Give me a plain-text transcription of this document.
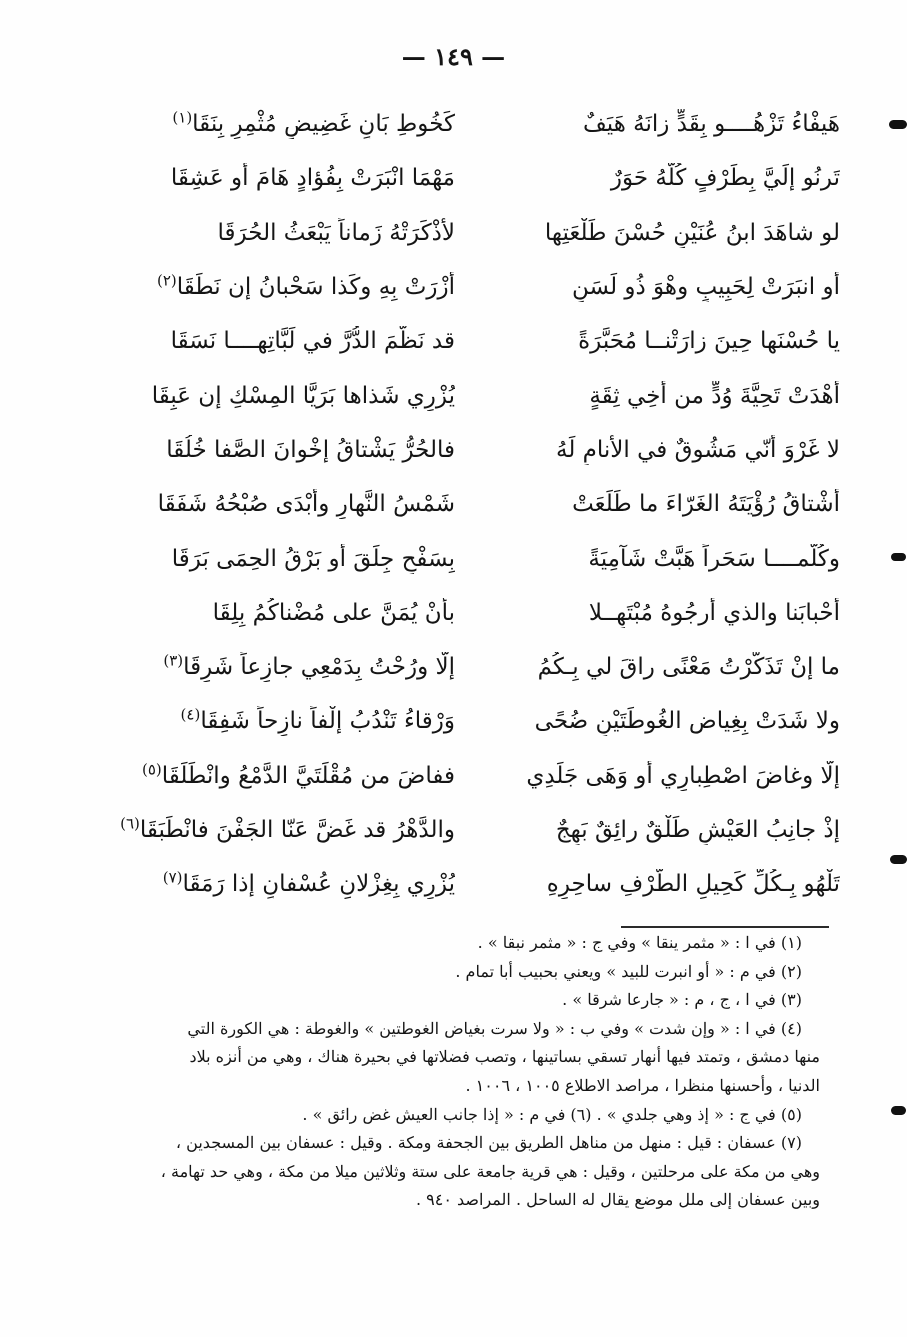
— ١٤٩ —
هَيفْاءُ تَزْهُــــو بِقَدٍّ زانَهُ هَيَفٌ
كَخُوطِ بَانٍ غَضِيضٍ مُثْمِرٍ بِنَقَا$^{(١)}$
تَرنُو إلَيَّ بِطَرْفٍ كُلُّهُ حَوَرٌ
مَهْمَا انْبَرَتْ بِفُؤادٍ هَامَ أو عَشِقَا
لو شاهَدَ ابنُ عُنَيْنٍ حُسْنَ طَلْعَتِها
لأذْكَرَتْهُ زَماناً يَبْعَثُ الحُرَقَا
أو انبَرَتْ لِحَبِيبٍ وهْوَ ذُو لَسَنٍ
أزْرَتْ بِهِ وكَذا سَحْبانُ إن نَطَقَا$^{(٢)}$
يا حُسْنَها حِينَ زارَتْنــا مُحَبَّرَةً
قد نَظَّمَ الدُّرَّ في لَبَّاتِهــــا نَسَقَا
أهْدَتْ تَحِيَّةَ وُدٍّ من أخِي ثِقَةٍ
يُزْرِي شَذاها بَرَيَّا المِسْكِ إن عَبِقَا
لا غَرْوَ أنّي مَشُوقٌ في الأنامِ لَهُ
فالحُرُّ يَشْتاقُ إخْوانَ الصَّفا خُلُقَا
أشْتاقُ رُؤْيَتَهُ الغَرّاءَ ما طَلَعَتْ
شَمْسُ النَّهارِ وأبْدَى صُبْحُهُ شَفَقَا
وكُلَّمــــا سَحَراً هَبَّتْ شَآمِيَةً
بِسَفْحِ جِلِّقَ أو بَرْقُ الحِمَى بَرَقَا
أحْبابَنا والذي أرجُوهُ مُبْتَهِــلا
بأنْ يُمَنَّ على مُضْناكُمُ بِلِقَا
ما إنْ تَذَكَّرْتُ مَعْنًى راقَ لي بِـكُمُ
إلّا ورُحْتُ بِدَمْعِي جازِعاً شَرِقَا$^{(٣)}$
ولا شَدَتْ بِغِياضِ الغُوطَتَيْنِ ضُحًى
وَرْقاءُ تَنْدُبُ إلْفاً نازِحاً شَفِقَا$^{(٤)}$
إلّا وغاضَ اصْطِبارِي أو وَهَى جَلَدِي
ففاضَ من مُقْلَتَيَّ الدَّمْعُ وانْطَلَقَا$^{(٥)}$
إذْ جانِبُ العَيْشِ طَلْقٌ رائِقٌ بَهِجٌ
والدَّهْرُ قد غَضَّ عَنّا الجَفْنَ فانْطَبَقَا$^{(٦)}$
تَلْهُو بِـكُلِّ كَحِيلِ الطَّرْفِ ساحِرِهِ
يُزْرِي بِغِزْلانِ عُسْفانٍ إذا رَمَقَا$^{(٧)}$
(١) في ا : « مثمر ينقا » وفي ج : « مثمر نبقا » .
(٢) في م : « أو انبرت للبيد » ويعني بحبيب أبا تمام .
(٣) في ا ، ج ، م : « جارعا شرقا » .
(٤) في ا : « وإن شدت » وفي ب : « ولا سرت بغياض الغوطتين » والغوطة : هي الكورة التي
منها دمشق ، وتمتد فيها أنهار تسقي بساتينها ، وتصب فضلاتها في بحيرة هناك ، وهي من أنزه بلاد
الدنيا ، وأحسنها منظرا ، مراصد الاطلاع ١٠٠٥ ، ١٠٠٦ .
(٥) في ج : « إذ وهي جلدي » . (٦) في م : « إذا جانب العيش غض رائق » .
(٧) عسفان : قيل : منهل من مناهل الطريق بين الجحفة ومكة . وقيل : عسفان بين المسجدين ،
وهي من مكة على مرحلتين ، وقيل : هي قرية جامعة على ستة وثلاثين ميلا من مكة ، وهي حد تهامة ،
وبين عسفان إلى ملل موضع يقال له الساحل . المراصد ٩٤٠ .
